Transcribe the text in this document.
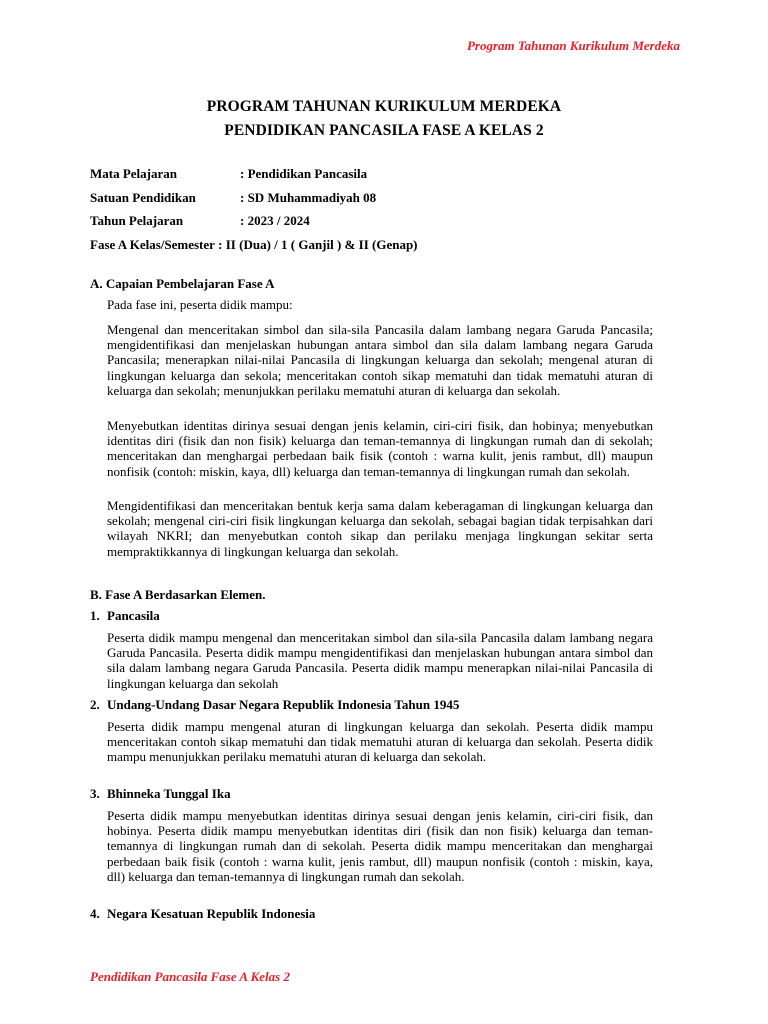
Program Tahunan Kurikulum Merdeka
PROGRAM TAHUNAN KURIKULUM MERDEKA
PENDIDIKAN PANCASILA FASE A KELAS 2
Mata Pelajaran	: Pendidikan Pancasila
Satuan Pendidikan	: SD Muhammadiyah 08
Tahun Pelajaran	: 2023 / 2024
Fase A Kelas/Semester : II (Dua) / 1 ( Ganjil ) & II (Genap)
A. Capaian Pembelajaran Fase A
Pada fase ini, peserta didik mampu:
Mengenal dan menceritakan simbol dan sila-sila Pancasila dalam lambang negara Garuda Pancasila; mengidentifikasi dan menjelaskan hubungan antara simbol dan sila dalam lambang negara Garuda Pancasila; menerapkan nilai-nilai Pancasila di lingkungan keluarga dan sekolah; mengenal aturan di lingkungan keluarga dan sekola; menceritakan contoh sikap mematuhi dan tidak mematuhi aturan di keluarga dan sekolah; menunjukkan perilaku mematuhi aturan di keluarga dan sekolah.
Menyebutkan identitas dirinya sesuai dengan jenis kelamin, ciri-ciri fisik, dan hobinya; menyebutkan identitas diri (fisik dan non fisik) keluarga dan teman-temannya di lingkungan rumah dan di sekolah; menceritakan dan menghargai perbedaan baik fisik (contoh : warna kulit, jenis rambut, dll) maupun nonfisik (contoh: miskin, kaya, dll) keluarga dan teman-temannya di lingkungan rumah dan sekolah.
Mengidentifikasi dan menceritakan bentuk kerja sama dalam keberagaman di lingkungan keluarga dan sekolah; mengenal ciri-ciri fisik lingkungan keluarga dan sekolah, sebagai bagian tidak terpisahkan dari wilayah NKRI; dan menyebutkan contoh sikap dan perilaku menjaga lingkungan sekitar serta mempraktikkannya di lingkungan keluarga dan sekolah.
B. Fase A Berdasarkan Elemen.
1. Pancasila
Peserta didik mampu mengenal dan menceritakan simbol dan sila-sila Pancasila dalam lambang negara Garuda Pancasila. Peserta didik mampu mengidentifikasi dan menjelaskan hubungan antara simbol dan sila dalam lambang negara Garuda Pancasila. Peserta didik mampu menerapkan nilai-nilai Pancasila di lingkungan keluarga dan sekolah
2. Undang-Undang Dasar Negara Republik Indonesia Tahun 1945
Peserta didik mampu mengenal aturan di lingkungan keluarga dan sekolah. Peserta didik mampu menceritakan contoh sikap mematuhi dan tidak mematuhi aturan di keluarga dan sekolah. Peserta didik mampu menunjukkan perilaku mematuhi aturan di keluarga dan sekolah.
3. Bhinneka Tunggal Ika
Peserta didik mampu menyebutkan identitas dirinya sesuai dengan jenis kelamin, ciri-ciri fisik, dan hobinya. Peserta didik mampu menyebutkan identitas diri (fisik dan non fisik) keluarga dan teman-temannya di lingkungan rumah dan di sekolah. Peserta didik mampu menceritakan dan menghargai perbedaan baik fisik (contoh : warna kulit, jenis rambut, dll) maupun nonfisik (contoh : miskin, kaya, dll) keluarga dan teman-temannya di lingkungan rumah dan sekolah.
4. Negara Kesatuan Republik Indonesia
Pendidikan Pancasila Fase A Kelas 2
